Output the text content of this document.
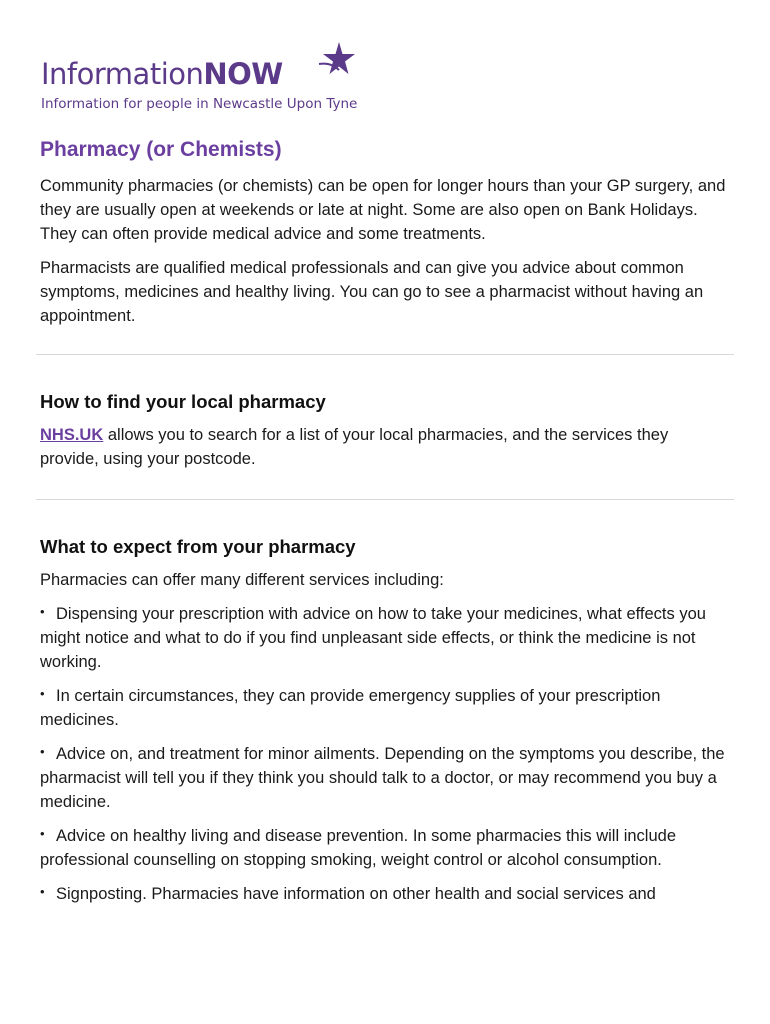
InformationNOW
Information for people in Newcastle Upon Tyne
Pharmacy (or Chemists)

Community pharmacies (or chemists) can be open for longer hours than your GP surgery, and they are usually open at weekends or late at night. Some are also open on Bank Holidays. They can often provide medical advice and some treatments.

Pharmacists are qualified medical professionals and can give you advice about common symptoms, medicines and healthy living. You can go to see a pharmacist without having an appointment.

How to find your local pharmacy

NHS.UK allows you to search for a list of your local pharmacies, and the services they provide, using your postcode.

What to expect from your pharmacy

Pharmacies can offer many different services including:

• Dispensing your prescription with advice on how to take your medicines, what effects you might notice and what to do if you find unpleasant side effects, or think the medicine is not working.
• In certain circumstances, they can provide emergency supplies of your prescription medicines.
• Advice on, and treatment for minor ailments. Depending on the symptoms you describe, the pharmacist will tell you if they think you should talk to a doctor, or may recommend you buy a medicine.
• Advice on healthy living and disease prevention. In some pharmacies this will include professional counselling on stopping smoking, weight control or alcohol consumption.
• Signposting. Pharmacies have information on other health and social services and
